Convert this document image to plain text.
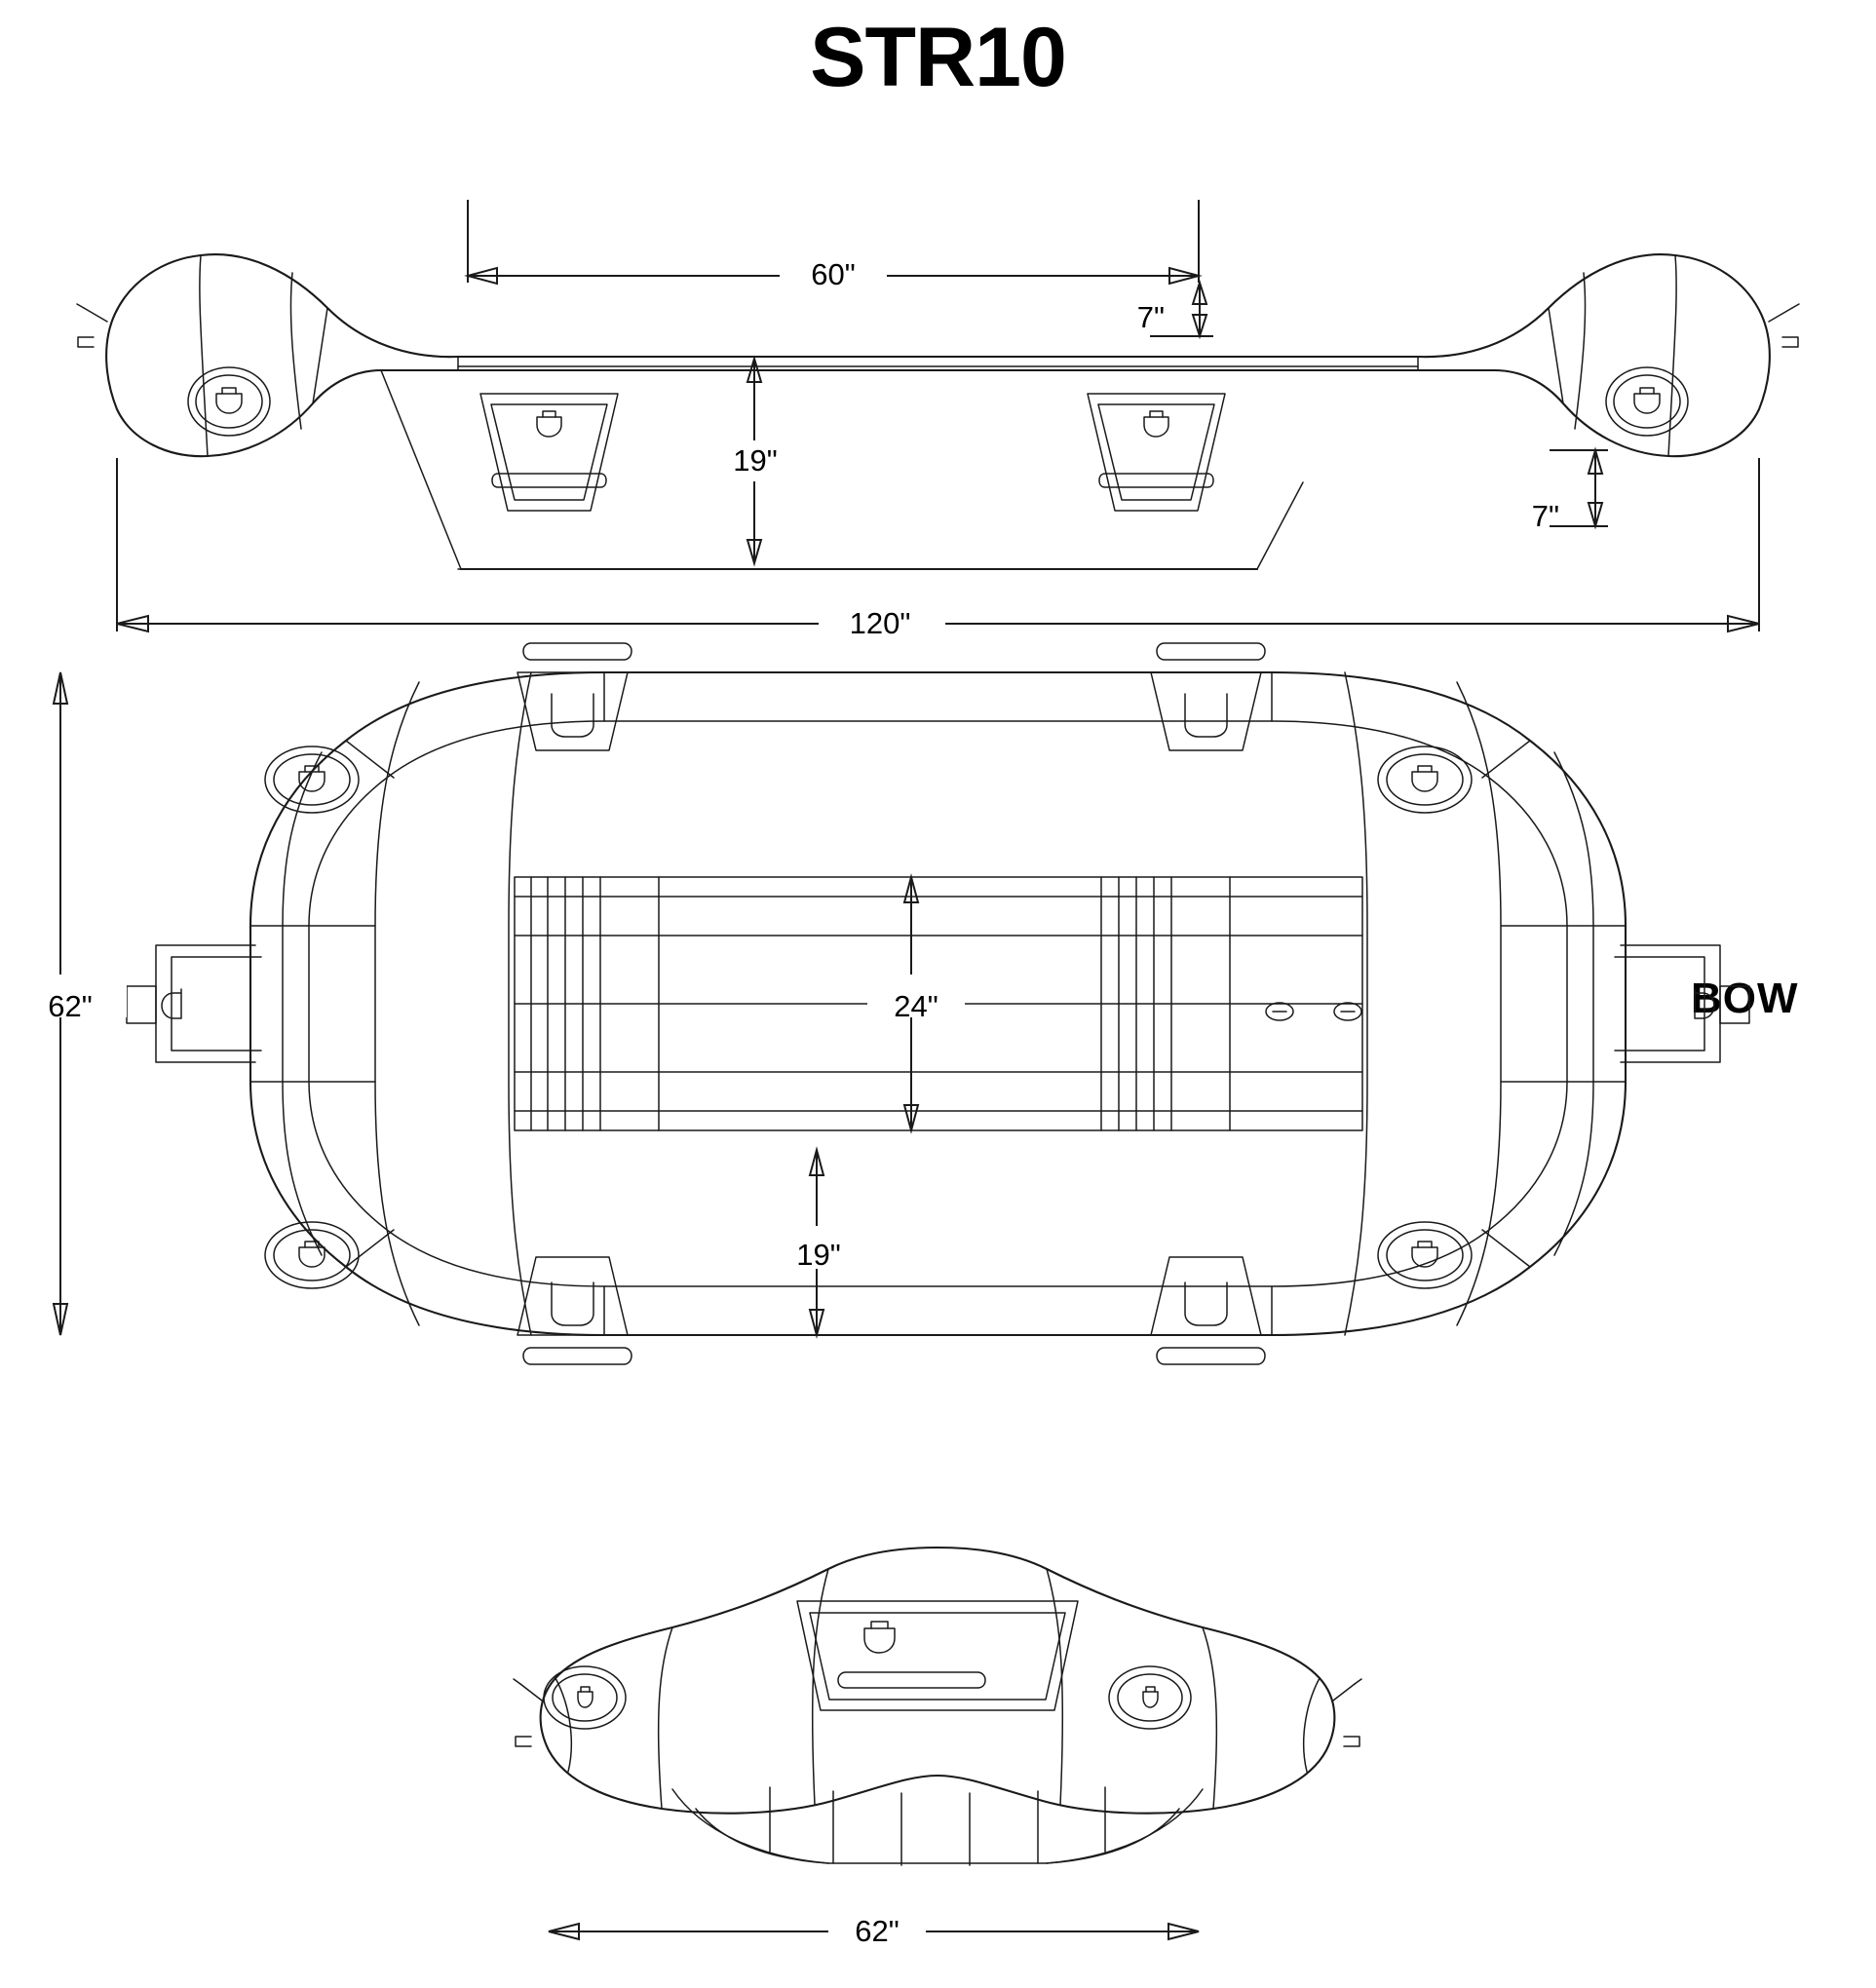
STR10
BOW
60"
7"
19"
7"
120"
62"	24"
19"
62"
